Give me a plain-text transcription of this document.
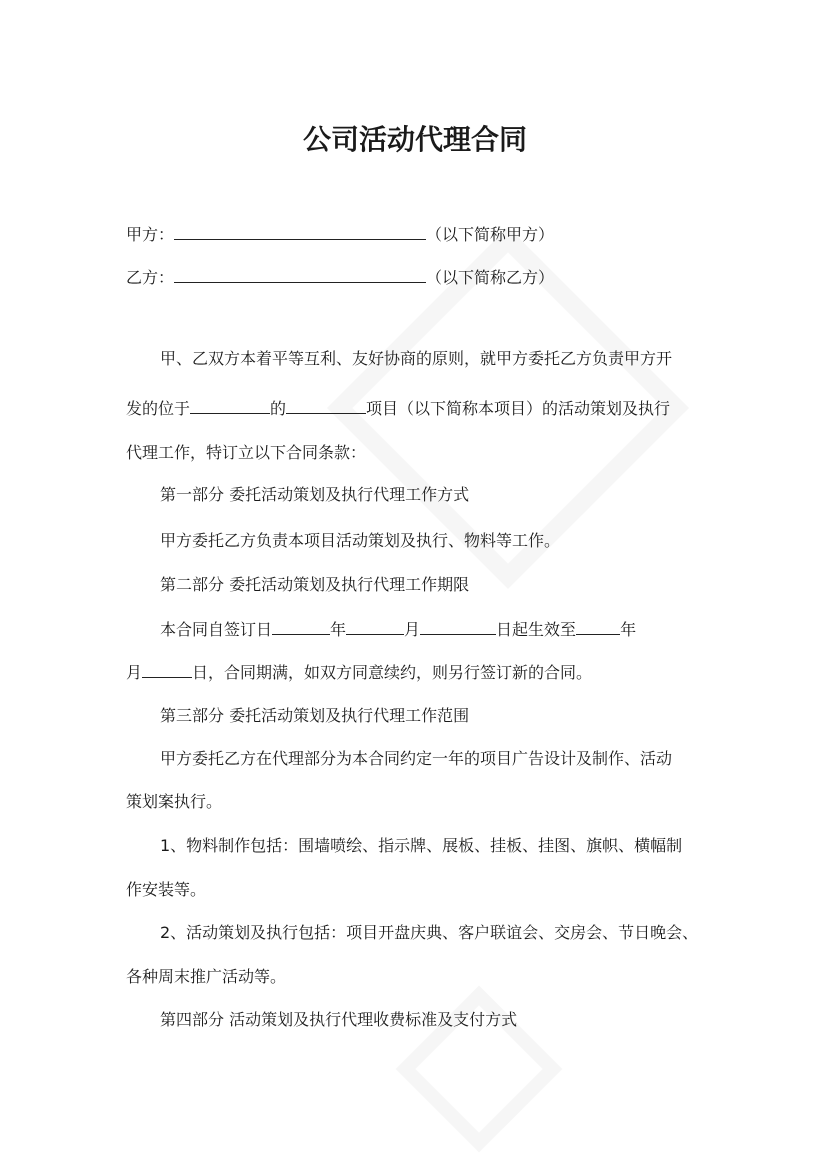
公司活动代理合同
甲方：	（以下简称甲方）
乙方：	（以下简称乙方）
甲、乙双方本着平等互利、友好协商的原则，就甲方委托乙方负责甲方开
发的位于	的	项目（以下简称本项目）的活动策划及执行
代理工作，特订立以下合同条款：
第一部分 委托活动策划及执行代理工作方式
甲方委托乙方负责本项目活动策划及执行、物料等工作。
第二部分 委托活动策划及执行代理工作期限
本合同自签订日	年	月	日起生效至	年
月	日，合同期满，如双方同意续约，则另行签订新的合同。
第三部分 委托活动策划及执行代理工作范围
甲方委托乙方在代理部分为本合同约定一年的项目广告设计及制作、活动
策划案执行。
1、物料制作包括：围墙喷绘、指示牌、展板、挂板、挂图、旗帜、横幅制
作安装等。
2、活动策划及执行包括：项目开盘庆典、客户联谊会、交房会、节日晚会、
各种周末推广活动等。
第四部分 活动策划及执行代理收费标准及支付方式
